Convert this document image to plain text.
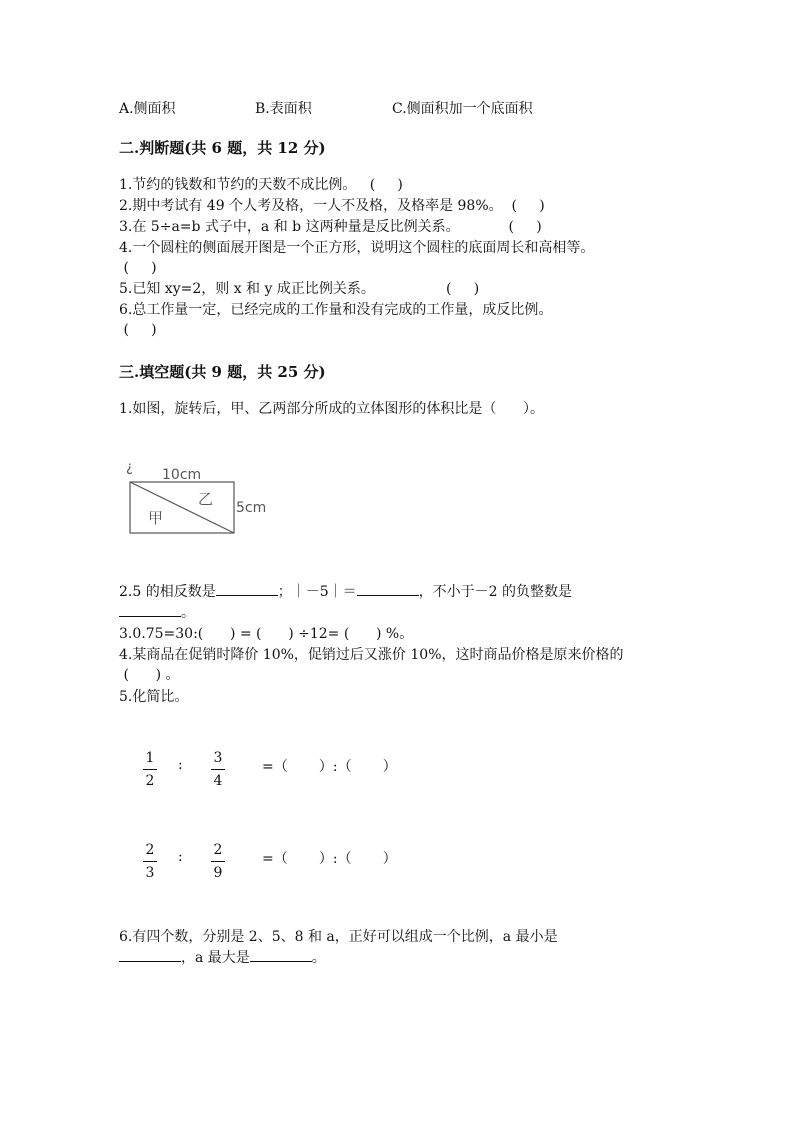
A.侧面积	B.表面积	C.侧面积加一个底面积
二.判断题(共 6 题，共 12 分)
1.节约的钱数和节约的天数不成比例。   (     )
2.期中考试有 49 个人考及格，一人不及格，及格率是 98%。  (     )
3.在 5÷a=b 式子中，a 和 b 这两种量是反比例关系。           (     )
4.一个圆柱的侧面展开图是一个正方形，说明这个圆柱的底面周长和高相等。
(     )
5.已知 xy=2，则 x 和 y 成正比例关系。                (     )
6.总工作量一定，已经完成的工作量和没有完成的工作量，成反比例。
(     )
三.填空题(共 9 题，共 25 分)
1.如图，旋转后，甲、乙两部分所成的立体图形的体积比是（      ）。
¿ 10cm
5cm
甲
乙
2.5 的相反数是	；｜－5｜＝	，不小于－2 的负整数是
。
3.0.75=30:(      ) = (      ) ÷12= (      ) %。
4.某商品在促销时降价 10%，促销过后又涨价 10%，这时商品价格是原来价格的
(      ) 。
5.化简比。
1
2
: 3
4
=（       ）:（       ）
2
3
: 2
9
=（       ）:（       ）
6.有四个数，分别是 2、5、8 和 a，正好可以组成一个比例，a 最小是
，a 最大是	。
